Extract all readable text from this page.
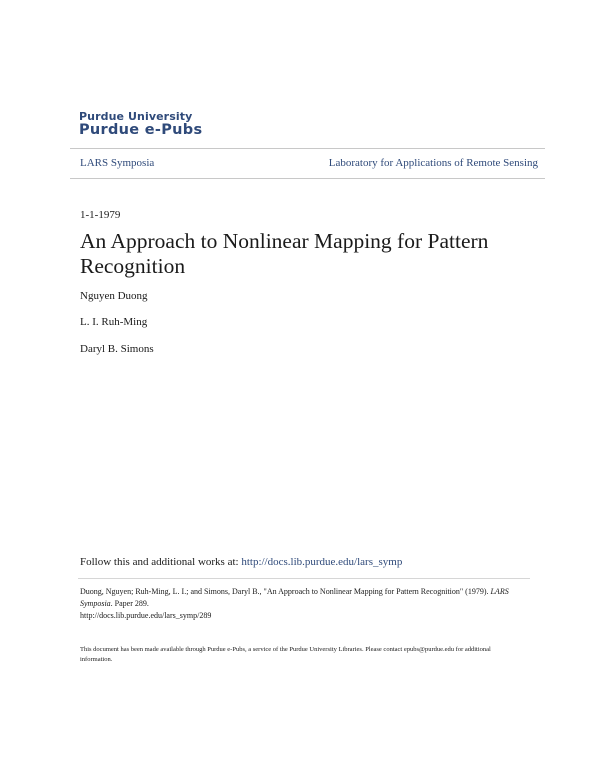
Purdue University
Purdue e-Pubs
LARS Symposia	Laboratory for Applications of Remote Sensing
1-1-1979
An Approach to Nonlinear Mapping for Pattern Recognition
Nguyen Duong
L. I. Ruh-Ming
Daryl B. Simons
Follow this and additional works at: http://docs.lib.purdue.edu/lars_symp
Duong, Nguyen; Ruh-Ming, L. I.; and Simons, Daryl B., "An Approach to Nonlinear Mapping for Pattern Recognition" (1979). LARS Symposia. Paper 289.
http://docs.lib.purdue.edu/lars_symp/289
This document has been made available through Purdue e-Pubs, a service of the Purdue University Libraries. Please contact epubs@purdue.edu for additional information.
